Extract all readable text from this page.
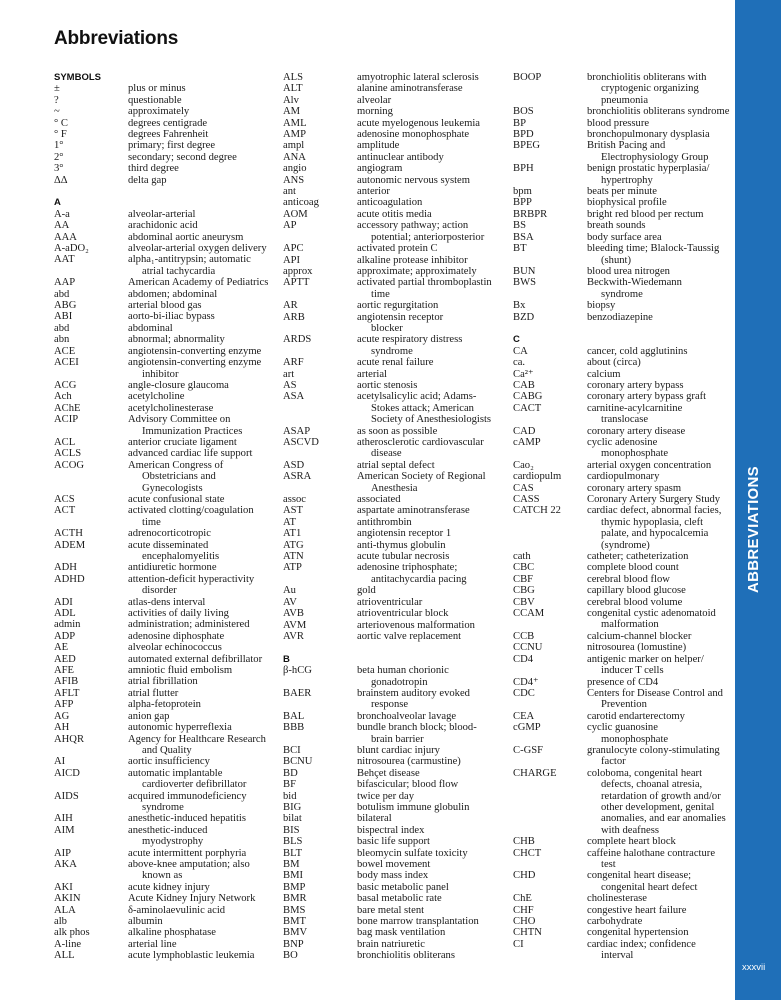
Abbreviations
SYMBOLS
±	plus or minus
?	questionable
~	approximately
° C	degrees centigrade
° F	degrees Fahrenheit
1°	primary; first degree
2°	secondary; second degree
3°	third degree
ΔΔ	delta gap
A
A-a	alveolar-arterial
AA	arachidonic acid
AAA	abdominal aortic aneurysm
A-aDO₂	alveolar-arterial oxygen delivery
AAT	alpha₁-antitrypsin; automatic
atrial tachycardia
AAP	American Academy of Pediatrics
abd	abdomen; abdominal
ABG	arterial blood gas
ABI	aorto-bi-iliac bypass
abd	abdominal
abn	abnormal; abnormality
ACE	angiotensin-converting enzyme
ACEI	angiotensin-converting enzyme
inhibitor
ACG	angle-closure glaucoma
Ach	acetylcholine
AChE	acetylcholinesterase
ACIP	Advisory Committee on
Immunization Practices
ACL	anterior cruciate ligament
ACLS	advanced cardiac life support
ACOG	American Congress of
Obstetricians and
Gynecologists
ACS	acute confusional state
ACT	activated clotting/coagulation
time
ACTH	adrenocorticotropic
ADEM	acute disseminated
encephalomyelitis
ADH	antidiuretic hormone
ADHD	attention-deficit hyperactivity
disorder
ADI	atlas-dens interval
ADL	activities of daily living
admin	administration; administered
ADP	adenosine diphosphate
AE	alveolar echinococcus
AED	automated external defibrillator
AFE	amniotic fluid embolism
AFIB	atrial fibrillation
AFLT	atrial flutter
AFP	alpha-fetoprotein
AG	anion gap
AH	autonomic hyperreflexia
AHQR	Agency for Healthcare Research
and Quality
AI	aortic insufficiency
AICD	automatic implantable
cardioverter defibrillator
AIDS	acquired immunodeficiency
syndrome
AIH	anesthetic-induced hepatitis
AIM	anesthetic-induced
myodystrophy
AIP	acute intermittent porphyria
AKA	above-knee amputation; also
known as
AKI	acute kidney injury
AKIN	Acute Kidney Injury Network
ALA	δ-aminolaevulinic acid
alb	albumin
alk phos	alkaline phosphatase
A-line	arterial line
ALL	acute lymphoblastic leukemia
ALS	amyotrophic lateral sclerosis
ALT	alanine aminotransferase
Alv	alveolar
AM	morning
AML	acute myelogenous leukemia
AMP	adenosine monophosphate
ampl	amplitude
ANA	antinuclear antibody
angio	angiogram
ANS	autonomic nervous system
ant	anterior
anticoag	anticoagulation
AOM	acute otitis media
AP	accessory pathway; action
potential; anteriorposterior
APC	activated protein C
API	alkaline protease inhibitor
approx	approximate; approximately
APTT	activated partial thromboplastin
time
AR	aortic regurgitation
ARB	angiotensin receptor
blocker
ARDS	acute respiratory distress
syndrome
ARF	acute renal failure
art	arterial
AS	aortic stenosis
ASA	acetylsalicylic acid; Adams-
Stokes attack; American
Society of Anesthesiologists
ASAP	as soon as possible
ASCVD	atherosclerotic cardiovascular
disease
ASD	atrial septal defect
ASRA	American Society of Regional
Anesthesia
assoc	associated
AST	aspartate aminotransferase
AT	antithrombin
AT1	angiotensin receptor 1
ATG	anti-thymus globulin
ATN	acute tubular necrosis
ATP	adenosine triphosphate;
antitachycardia pacing
Au	gold
AV	atrioventricular
AVB	atrioventricular block
AVM	arteriovenous malformation
AVR	aortic valve replacement
B
β-hCG	beta human chorionic
gonadotropin
BAER	brainstem auditory evoked
response
BAL	bronchoalveolar lavage
BBB	bundle branch block; blood-
brain barrier
BCI	blunt cardiac injury
BCNU	nitrosourea (carmustine)
BD	Behçet disease
BF	bifascicular; blood flow
bid	twice per day
BIG	botulism immune globulin
bilat	bilateral
BIS	bispectral index
BLS	basic life support
BLT	bleomycin sulfate toxicity
BM	bowel movement
BMI	body mass index
BMP	basic metabolic panel
BMR	basal metabolic rate
BMS	bare metal stent
BMT	bone marrow transplantation
BMV	bag mask ventilation
BNP	brain natriuretic
BO	bronchiolitis obliterans
BOOP	bronchiolitis obliterans with
cryptogenic organizing
pneumonia
BOS	bronchiolitis obliterans syndrome
BP	blood pressure
BPD	bronchopulmonary dysplasia
BPEG	British Pacing and
Electrophysiology Group
BPH	benign prostatic hyperplasia/
hypertrophy
bpm	beats per minute
BPP	biophysical profile
BRBPR	bright red blood per rectum
BS	breath sounds
BSA	body surface area
BT	bleeding time; Blalock-Taussig
(shunt)
BUN	blood urea nitrogen
BWS	Beckwith-Wiedemann
syndrome
Bx	biopsy
BZD	benzodiazepine
C
CA	cancer, cold agglutinins
ca.	about (circa)
Ca²⁺	calcium
CAB	coronary artery bypass
CABG	coronary artery bypass graft
CACT	carnitine-acylcarnitine
translocase
CAD	coronary artery disease
cAMP	cyclic adenosine
monophosphate
Cao₂	arterial oxygen concentration
cardiopulm	cardiopulmonary
CAS	coronary artery spasm
CASS	Coronary Artery Surgery Study
CATCH 22	cardiac defect, abnormal facies,
thymic hypoplasia, cleft
palate, and hypocalcemia
(syndrome)
cath	catheter; catheterization
CBC	complete blood count
CBF	cerebral blood flow
CBG	capillary blood glucose
CBV	cerebral blood volume
CCAM	congenital cystic adenomatoid
malformation
CCB	calcium-channel blocker
CCNU	nitrosourea (lomustine)
CD4	antigenic marker on helper/
inducer T cells
CD4⁺	presence of CD4
CDC	Centers for Disease Control and
Prevention
CEA	carotid endarterectomy
cGMP	cyclic guanosine
monophosphate
C-GSF	granulocyte colony-stimulating
factor
CHARGE	coloboma, congenital heart
defects, choanal atresia,
retardation of growth and/or
other development, genital
anomalies, and ear anomalies
with deafness
CHB	complete heart block
CHCT	caffeine halothane contracture
test
CHD	congenital heart disease;
congenital heart defect
ChE	cholinesterase
CHF	congestive heart failure
CHO	carbohydrate
CHTN	congenital hypertension
CI	cardiac index; confidence
interval
ABBREVIATIONS
xxxvii
